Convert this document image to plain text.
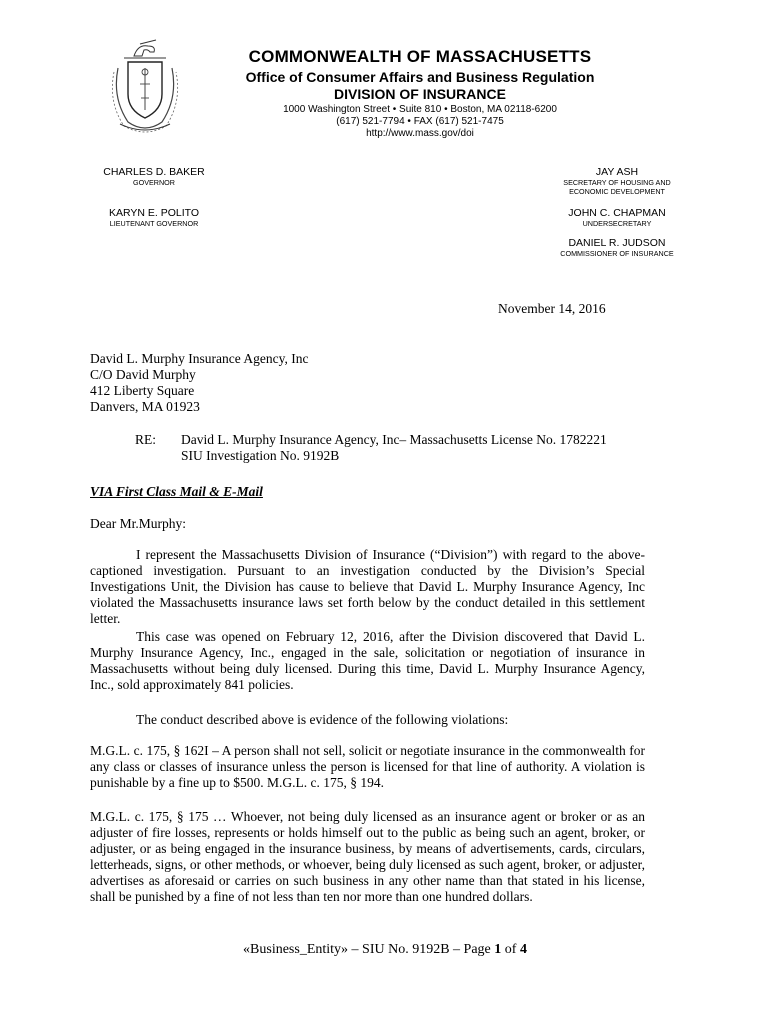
COMMONWEALTH OF MASSACHUSETTS
Office of Consumer Affairs and Business Regulation
DIVISION OF INSURANCE
1000 Washington Street • Suite 810 • Boston, MA 02118-6200
(617) 521-7794 • FAX (617) 521-7475
http://www.mass.gov/doi
CHARLES D. BAKER
GOVERNOR
KARYN E. POLITO
LIEUTENANT GOVERNOR
JAY ASH
SECRETARY OF HOUSING AND
ECONOMIC DEVELOPMENT
JOHN C. CHAPMAN
UNDERSECRETARY
DANIEL R. JUDSON
COMMISSIONER OF INSURANCE
November 14, 2016
David L. Murphy Insurance Agency, Inc
C/O David Murphy
412 Liberty Square
Danvers, MA 01923
RE: David L. Murphy Insurance Agency, Inc– Massachusetts License No. 1782221
SIU Investigation No. 9192B
VIA First Class Mail & E-Mail
Dear Mr.Murphy:

I represent the Massachusetts Division of Insurance (“Division”) with regard to the above-captioned investigation. Pursuant to an investigation conducted by the Division’s Special Investigations Unit, the Division has cause to believe that David L. Murphy Insurance Agency, Inc violated the Massachusetts insurance laws set forth below by the conduct detailed in this settlement letter.

This case was opened on February 12, 2016, after the Division discovered that David L. Murphy Insurance Agency, Inc., engaged in the sale, solicitation or negotiation of insurance in Massachusetts without being duly licensed. During this time, David L. Murphy Insurance Agency, Inc., sold approximately 841 policies.

The conduct described above is evidence of the following violations:

M.G.L. c. 175, § 162I – A person shall not sell, solicit or negotiate insurance in the commonwealth for any class or classes of insurance unless the person is licensed for that line of authority. A violation is punishable by a fine up to $500. M.G.L. c. 175, § 194.

M.G.L. c. 175, § 175 … Whoever, not being duly licensed as an insurance agent or broker or as an adjuster of fire losses, represents or holds himself out to the public as being such an agent, broker, or adjuster, or as being engaged in the insurance business, by means of advertisements, cards, circulars, letterheads, signs, or other methods, or whoever, being duly licensed as such agent, broker, or adjuster, advertises as aforesaid or carries on such business in any other name than that stated in his license, shall be punished by a fine of not less than ten nor more than one hundred dollars.

«Business_Entity» – SIU No. 9192B – Page 1 of 4
